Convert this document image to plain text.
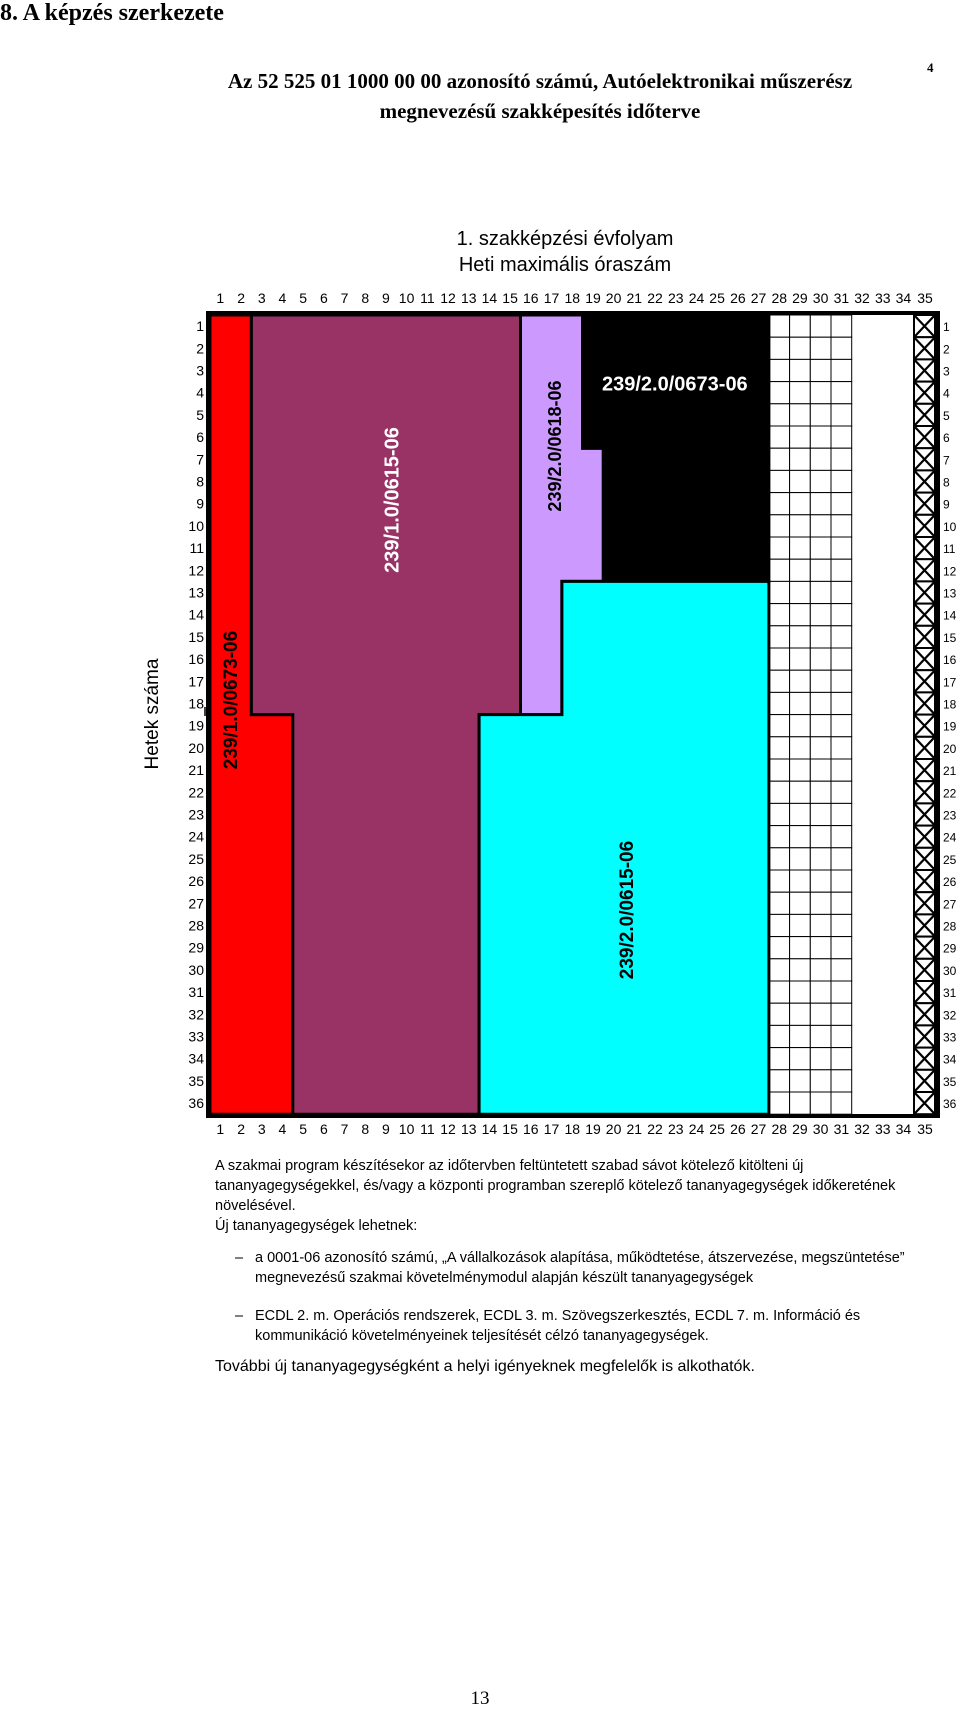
8. A képzés szerkezete
Az 52 525 01 1000 00 00 azonosító számú, Autóelektronikai műszerész
megnevezésű szakképesítés időterve
4
1. szakképzési évfolyam
Heti maximális óraszám
239/1.0/0673-06
239/1.0/0615-06	239/2.0/0618-06 239/2.0/0673-06
239/2.0/0615-06
1 2 3 4 5 6 7 8 9 10 11 12 13 14 15 16 17 18 19 20 21 22 23 24 25 26 27 28 29 30 31 32 33 34 35
1 2 3 4 5 6 7 8 9 10 11 12 13 14 15 16 17 18 19 20 21 22 23 24 25 26 27 28 29 30 31 32 33 34 35
1
2
3
4
5
6
7
8
9
10
11
12
13
14
15
16
17
18
19
20
21
22
23
24
25
26
27
28
29
30
31
32
33
34
35
36
1
2
3
4
5
6
7
8
9
10
11
12
13
14
15
16
17
18
19
20
21
22
23
24
25
26
27
28
29
30
31
32
33
34
35
36
Hetek száma

A szakmai program készítésekor az időtervben feltüntetett szabad sávot kötelező kitölteni új tananyagegységekkel, és/vagy a központi programban szereplő kötelező tananyagegységek időkeretének növelésével.

Új tananyagegységek lehetnek:

– a 0001-06 azonosító számú, „A vállalkozások alapítása, működtetése, átszervezése, megszüntetése” megnevezésű szakmai követelménymodul alapján készült tananyagegységek

– ECDL 2. m. Operációs rendszerek, ECDL 3. m. Szövegszerkesztés, ECDL 7. m. Információ és kommunikáció követelményeinek teljesítését célzó tananyagegységek.

További új tananyagegységként a helyi igényeknek megfelelők is alkothatók.
13
